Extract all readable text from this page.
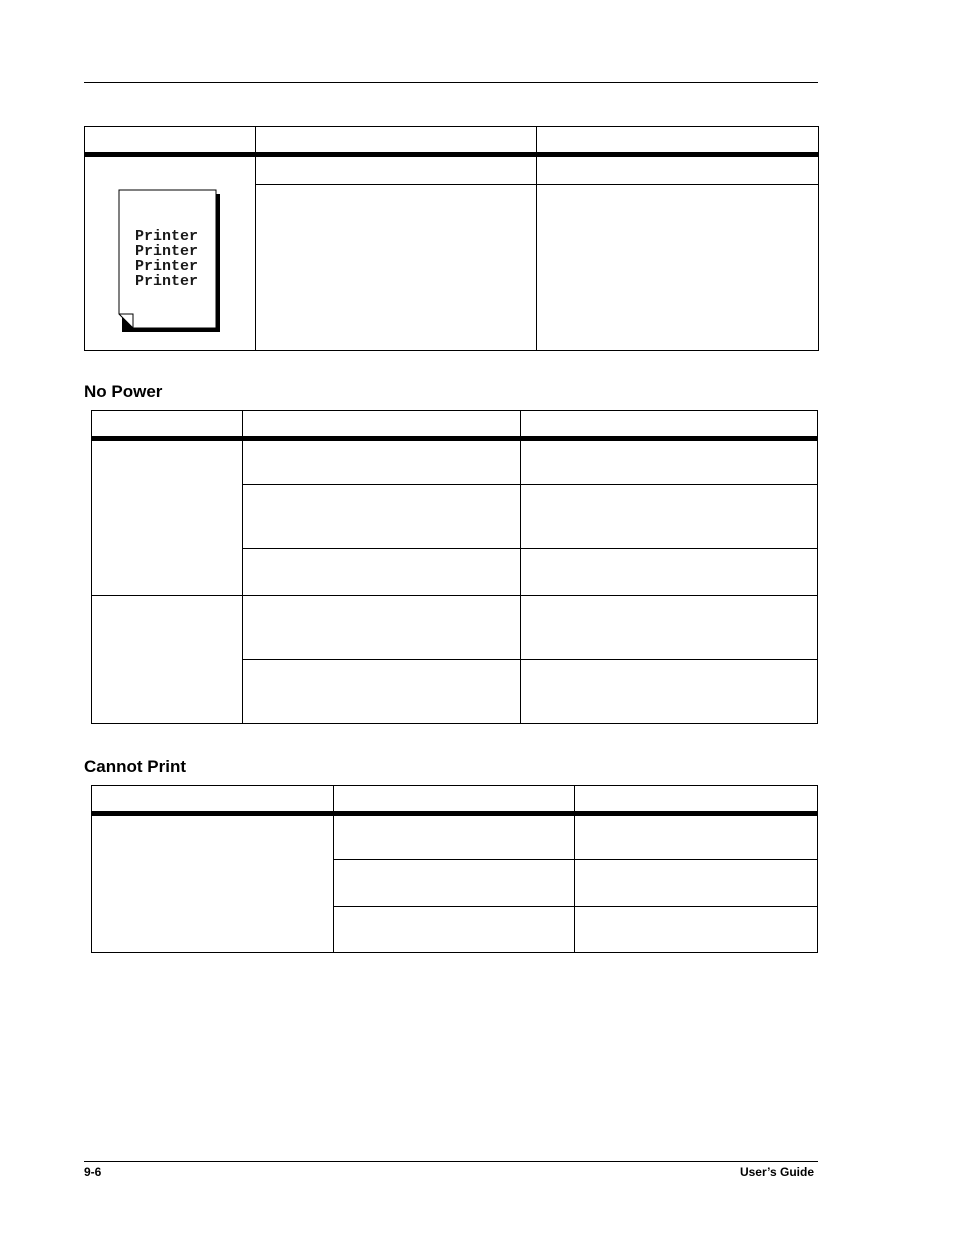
Printer
Printer
Printer
Printer
No Power

Cannot Print

9-6	User’s Guide
